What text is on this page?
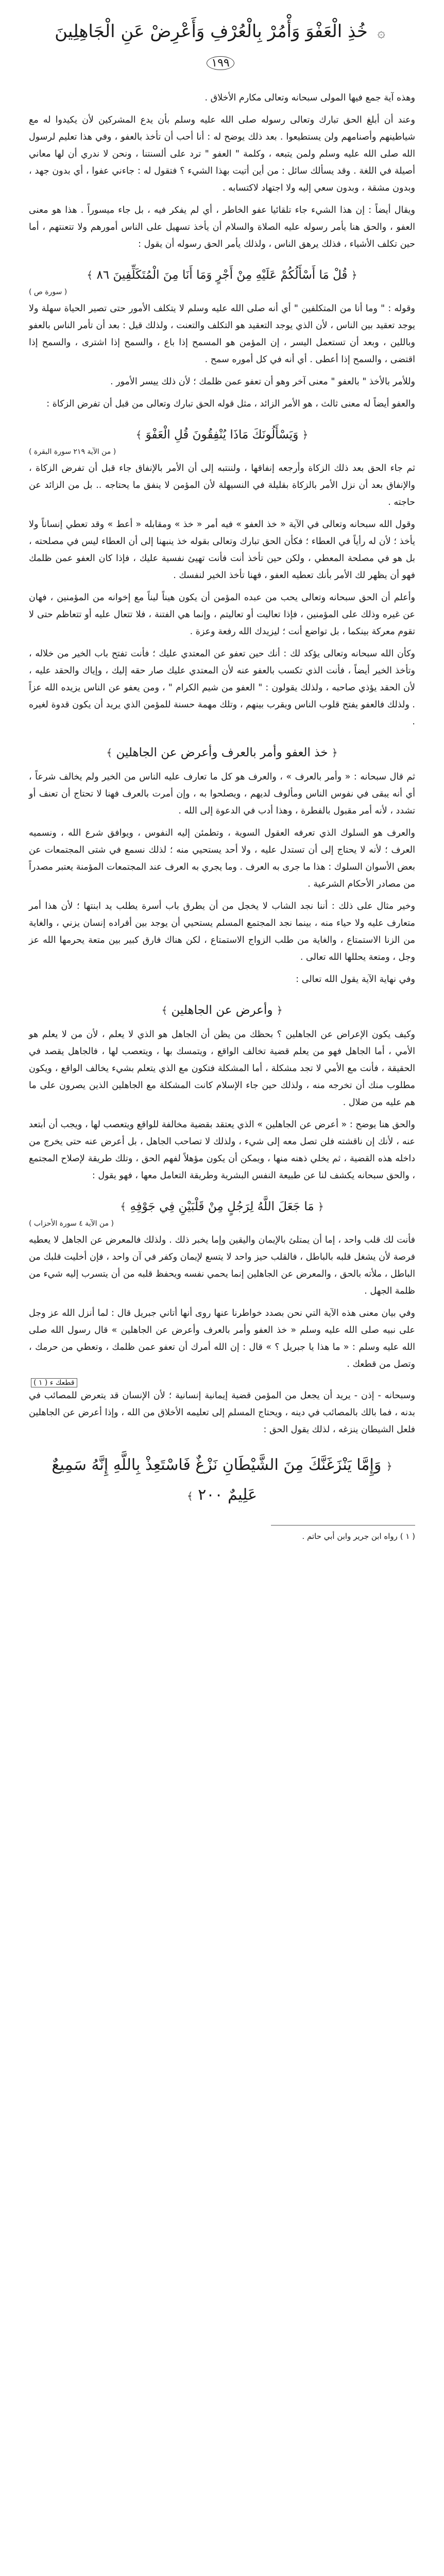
۞ خُذِ الْعَفْوَ وَأْمُرْ بِالْعُرْفِ وَأَعْرِضْ عَنِ الْجَاهِلِينَ ١٩٩

وهذه آية جمع فيها المولى سبحانه وتعالى مكارم الأخلاق .

وعند أن أبلغ الحق تبارك وتعالى رسوله صلى الله عليه وسلم بأن يدع المشركين لأن يكيدوا له مع شياطينهم وأصنامهم ولن يستطيعوا . بعد ذلك يوضح له : أنا أحب أن تأخذ بالعفو ، وفي هذا تعليم لرسول الله صلى الله عليه وسلم ولمن يتبعه ، وكلمة " العفو " ترد على ألسنتنا ، ونحن لا ندري أن لها معاني أصيلة في اللغة . وقد يسألك سائل : من أين أتيت بهذا الشيء ؟ فتقول له : جاءني عفوا ، أي بدون جهد ، وبدون مشقة ، وبدون سعي إليه ولا اجتهاد لاكتسابه .

ويقال أيضاً : إن هذا الشيء جاء تلقائيا عفو الخاطر ، أي لم يفكر فيه ، بل جاء ميسوراً . هذا هو معنى العفو ، والحق هنا يأمر رسوله عليه الصلاة والسلام أن يأخذ تسهيل على الناس أمورهم ولا تتعنتهم ، أما حين تكلف الأشياء ، فذلك يرهق الناس ، ولذلك يأمر الحق رسوله أن يقول :

﴿ قُلْ مَا أَسْأَلُكُمْ عَلَيْهِ مِنْ أَجْرٍ وَمَا أَنَا مِنَ الْمُتَكَلِّفِينَ ٨٦ ﴾
( سورة ص )

وقوله : " وما أنا من المتكلفين " أي أنه صلى الله عليه وسلم لا يتكلف الأمور حتى تصير الحياة سهلة ولا يوجد تعقيد بين الناس ، لأن الذي يوجد التعقيد هو التكلف والتعنت ، ولذلك قيل : بعد أن تأمر الناس بالعفو وباللين ، وبعد أن تستعمل اليسر ، إن المؤمن هو المسمح إذا باع ، والسمح إذا اشترى ، والسمح إذا اقتضى ، والسمح إذا أعطى . أي أنه في كل أموره سمح .

وللأمر بالأخذ " بالعفو " معنى آخر وهو أن تعفو عمن ظلمك ؛ لأن ذلك ييسر الأمور .

والعفو أيضاً له معنى ثالث ، هو الأمر الزائد ، مثل قوله الحق تبارك وتعالى من قبل أن تفرض الزكاة :

﴿ وَيَسْأَلُونَكَ مَاذَا يُنْفِقُونَ قُلِ الْعَفْوَ ﴾
( من الآية ٢١٩ سورة البقرة )

ثم جاء الحق بعد ذلك الزكاة وأرجعه إنفاقها ، ولننتبه إلى أن الأمر بالإنفاق جاء قبل أن تفرض الزكاة ، والإنفاق بعد أن نزل الأمر بالزكاة بقليلة في النسيهلة لأن المؤمن لا ينفق ما يحتاجه .. بل من الزائد عن حاجته .

وقول الله سبحانه وتعالى في الآية « خذ العفو » فيه أمر « خذ » ومقابله « أعط » وقد تعطي إنساناً ولا يأخذ ؛ لأن له رأياً في العطاء ؛ فكأن الحق تبارك وتعالى بقوله خذ ينبهنا إلى أن العطاء ليس في مصلحته ، بل هو في مصلحة المعطي ، ولكن حين تأخذ أنت فأنت تهيئ نفسية عليك ، فإذا كان العفو عمن ظلمك فهو أن يظهر لك الأمر بأنك تعطيه العفو ، فهنا تأخذ الخير لنفسك .

وأعلم أن الحق سبحانه وتعالى يحب من عبده المؤمن أن يكون هيناً ليناً مع إخوانه من المؤمنين ، فهان عن غيره وذلك على المؤمنين ، فإذا تعاليت أو تعاليتم ، وإنما هي الفتنة ، فلا تتعال عليه أو تتعاظم حتى لا تقوم معركة بينكما ، بل تواضع أنت ؛ ليزيدك الله رفعة وعزة .

وكأن الله سبحانه وتعالى يؤكد لك : أنك حين تعفو عن المعتدي عليك ؛ فأنت تفتح باب الخير من خلاله ، وتأخذ الخير أيضاً ، فأنت الذي تكسب بالعفو عنه لأن المعتدي عليك صار حقه إليك ، وإياك والحقد عليه ، لأن الحقد يؤذي صاحبه ، ولذلك يقولون : " العفو من شيم الكرام " ، ومن يعفو عن الناس يزيده الله عزاً . ولذلك فالعفو يفتح قلوب الناس ويقرب بينهم ، وتلك مهمة حسنة للمؤمن الذي يريد أن يكون قدوة لغيره .

﴿ خذ العفو وأمر بالعرف وأعرض عن الجاهلين ﴾

ثم قال سبحانه : « وأمر بالعرف » ، والعرف هو كل ما تعارف عليه الناس من الخير ولم يخالف شرعاً ، أي أنه يبقى في نفوس الناس ومألوف لديهم ، ويصلحوا به ، وإن أمرت بالعرف فهنا لا تحتاج أن تعنف أو تشدد ، لأنه أمر مقبول بالفطرة ، وهذا أدب في الدعوة إلى الله .

والعرف هو السلوك الذي تعرفه العقول السوية ، وتطمئن إليه النفوس ، ويوافق شرع الله ، ونسميه العرف ؛ لأنه لا يحتاج إلى أن تستدل عليه ، ولا أحد يستحيي منه ؛ لذلك نسمع في شتى المجتمعات عن بعض الأسوان السلوك : هذا ما جرى به العرف . وما يجري به العرف عند المجتمعات المؤمنة يعتبر مصدراً من مصادر الأحكام الشرعية .

وخير مثال على ذلك : أننا نجد الشاب لا يخجل من أن يطرق باب أسرة يطلب يد ابنتها ؛ لأن هذا أمر متعارف عليه ولا حياء منه ، بينما نجد المجتمع المسلم يستحيي أن يوجد بين أفراده إنسان يزني ، والغاية من الزنا الاستمتاع ، والغاية من طلب الزواج الاستمتاع ، لكن هناك فارق كبير بين متعة يحرمها الله عز وجل ، ومتعة يحللها الله تعالى .

وفي نهاية الآية يقول الله تعالى :

﴿ وأعرض عن الجاهلين ﴾

وكيف يكون الإعراض عن الجاهلين ؟ بحظك من يظن أن الجاهل هو الذي لا يعلم ، لأن من لا يعلم هو الأمي ، أما الجاهل فهو من يعلم قضية تخالف الواقع ، ويتمسك بها ، ويتعصب لها ، فالجاهل يقصد في الحقيقة ، فأنت مع الأمي لا تجد مشكلة ، أما المشكلة فتكون مع الذي يتعلم بشيء يخالف الواقع ، ويكون مطلوب منك أن تخرجه منه ، ولذلك حين جاء الإسلام كانت المشكلة مع الجاهلين الذين يصرون على ما هم عليه من ضلال .

والحق هنا يوضح : « أعرض عن الجاهلين » الذي يعتقد بقضية مخالفة للواقع ويتعصب لها ، ويجب أن أبتعد عنه ، لأنك إن ناقشته فلن تصل معه إلى شيء ، ولذلك لا تصاحب الجاهل ، بل أعرض عنه حتى يخرج من داخله هذه القضية ، ثم يخلي ذهنه منها ، ويمكن أن يكون مؤهلاً لفهم الحق ، وتلك طريقة لإصلاح المجتمع ، والحق سبحانه يكشف لنا عن طبيعة النفس البشرية وطريقة التعامل معها ، فهو يقول :

﴿ مَا جَعَلَ اللَّهُ لِرَجُلٍ مِنْ قَلْبَيْنِ فِي جَوْفِهِ ﴾
( من الآية ٤ سورة الأحزاب )

فأنت لك قلب واحد ، إما أن يمتلئ بالإيمان واليقين وإما يخبر ذلك . ولذلك فالمعرض عن الجاهل لا يعطيه فرصة لأن يشغل قلبه بالباطل ، فالقلب حيز واحد لا يتسع لإيمان وكفر في آن واحد ، فإن أخليت قلبك من الباطل ، ملأته بالحق ، والمعرض عن الجاهلين إنما يحمي نفسه ويحفظ قلبه من أن يتسرب إليه شيء من ظلمة الجهل .

وفي بيان معنى هذه الآية التي نحن بصدد خواطرنا عنها روى أنها أتاني جبريل قال : لما أنزل الله عز وجل على نبيه صلى الله عليه وسلم « خذ العفو وأمر بالعرف وأعرض عن الجاهلين » قال رسول الله صلى الله عليه وسلم : « ما هذا يا جبريل ؟ » قال : إن الله أمرك أن تعفو عمن ظلمك ، وتعطي من حرمك ، وتصل من قطعك .

قطعك ء ( ١ )

وسبحانه - إذن - يريد أن يجعل من المؤمن قضية إيمانية إنسانية ؛ لأن الإنسان قد يتعرض للمصائب في بدنه ، فما بالك بالمصائب في دينه ، ويحتاج المسلم إلى تعليمه الأخلاق من الله ، وإذا أعرض عن الجاهلين فلعل الشيطان ينزغه ، لذلك يقول الحق :

﴿ وَإِمَّا يَنْزَغَنَّكَ مِنَ الشَّيْطَانِ نَزْغٌ فَاسْتَعِذْ بِاللَّهِ إِنَّهُ سَمِيعٌ عَلِيمٌ ٢٠٠ ﴾

( ١ ) رواه ابن جرير وابن أبي حاتم .
